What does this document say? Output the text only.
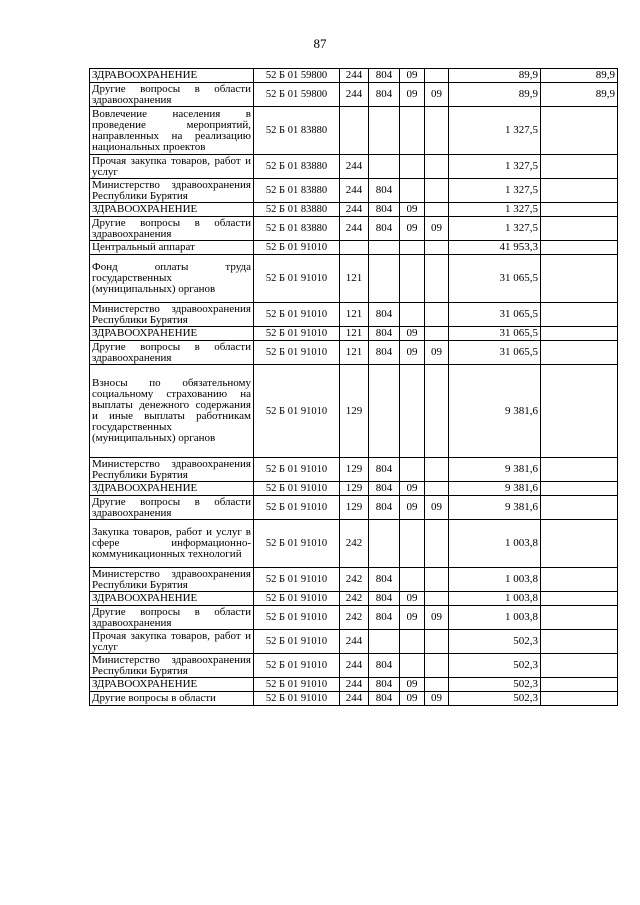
87
ЗДРАВООХРАНЕНИЕ	52 Б 01 59800	244	804	09		89,9	89,9
Другие вопросы в области здравоохранения	52 Б 01 59800	244	804	09	09	89,9	89,9
Вовлечение населения в проведение мероприятий, направленных на реализацию национальных проектов	52 Б 01 83880					1 327,5	
Прочая закупка товаров, работ и услуг	52 Б 01 83880	244				1 327,5	
Министерство здравоохранения Республики Бурятия	52 Б 01 83880	244	804			1 327,5	
ЗДРАВООХРАНЕНИЕ	52 Б 01 83880	244	804	09		1 327,5	
Другие вопросы в области здравоохранения	52 Б 01 83880	244	804	09	09	1 327,5	
Центральный аппарат	52 Б 01 91010					41 953,3	
Фонд оплаты труда государственных (муниципальных) органов	52 Б 01 91010	121				31 065,5	
Министерство здравоохранения Республики Бурятия	52 Б 01 91010	121	804			31 065,5	
ЗДРАВООХРАНЕНИЕ	52 Б 01 91010	121	804	09		31 065,5	
Другие вопросы в области здравоохранения	52 Б 01 91010	121	804	09	09	31 065,5	
Взносы по обязательному социальному страхованию на выплаты денежного содержания и иные выплаты работникам государственных (муниципальных) органов	52 Б 01 91010	129				9 381,6	
Министерство здравоохранения Республики Бурятия	52 Б 01 91010	129	804			9 381,6	
ЗДРАВООХРАНЕНИЕ	52 Б 01 91010	129	804	09		9 381,6	
Другие вопросы в области здравоохранения	52 Б 01 91010	129	804	09	09	9 381,6	
Закупка товаров, работ и услуг в сфере информационно-коммуникационных технологий	52 Б 01 91010	242				1 003,8	
Министерство здравоохранения Республики Бурятия	52 Б 01 91010	242	804			1 003,8	
ЗДРАВООХРАНЕНИЕ	52 Б 01 91010	242	804	09		1 003,8	
Другие вопросы в области здравоохранения	52 Б 01 91010	242	804	09	09	1 003,8	
Прочая закупка товаров, работ и услуг	52 Б 01 91010	244				502,3	
Министерство здравоохранения Республики Бурятия	52 Б 01 91010	244	804			502,3	
ЗДРАВООХРАНЕНИЕ	52 Б 01 91010	244	804	09		502,3	
Другие вопросы в области	52 Б 01 91010	244	804	09	09	502,3	
